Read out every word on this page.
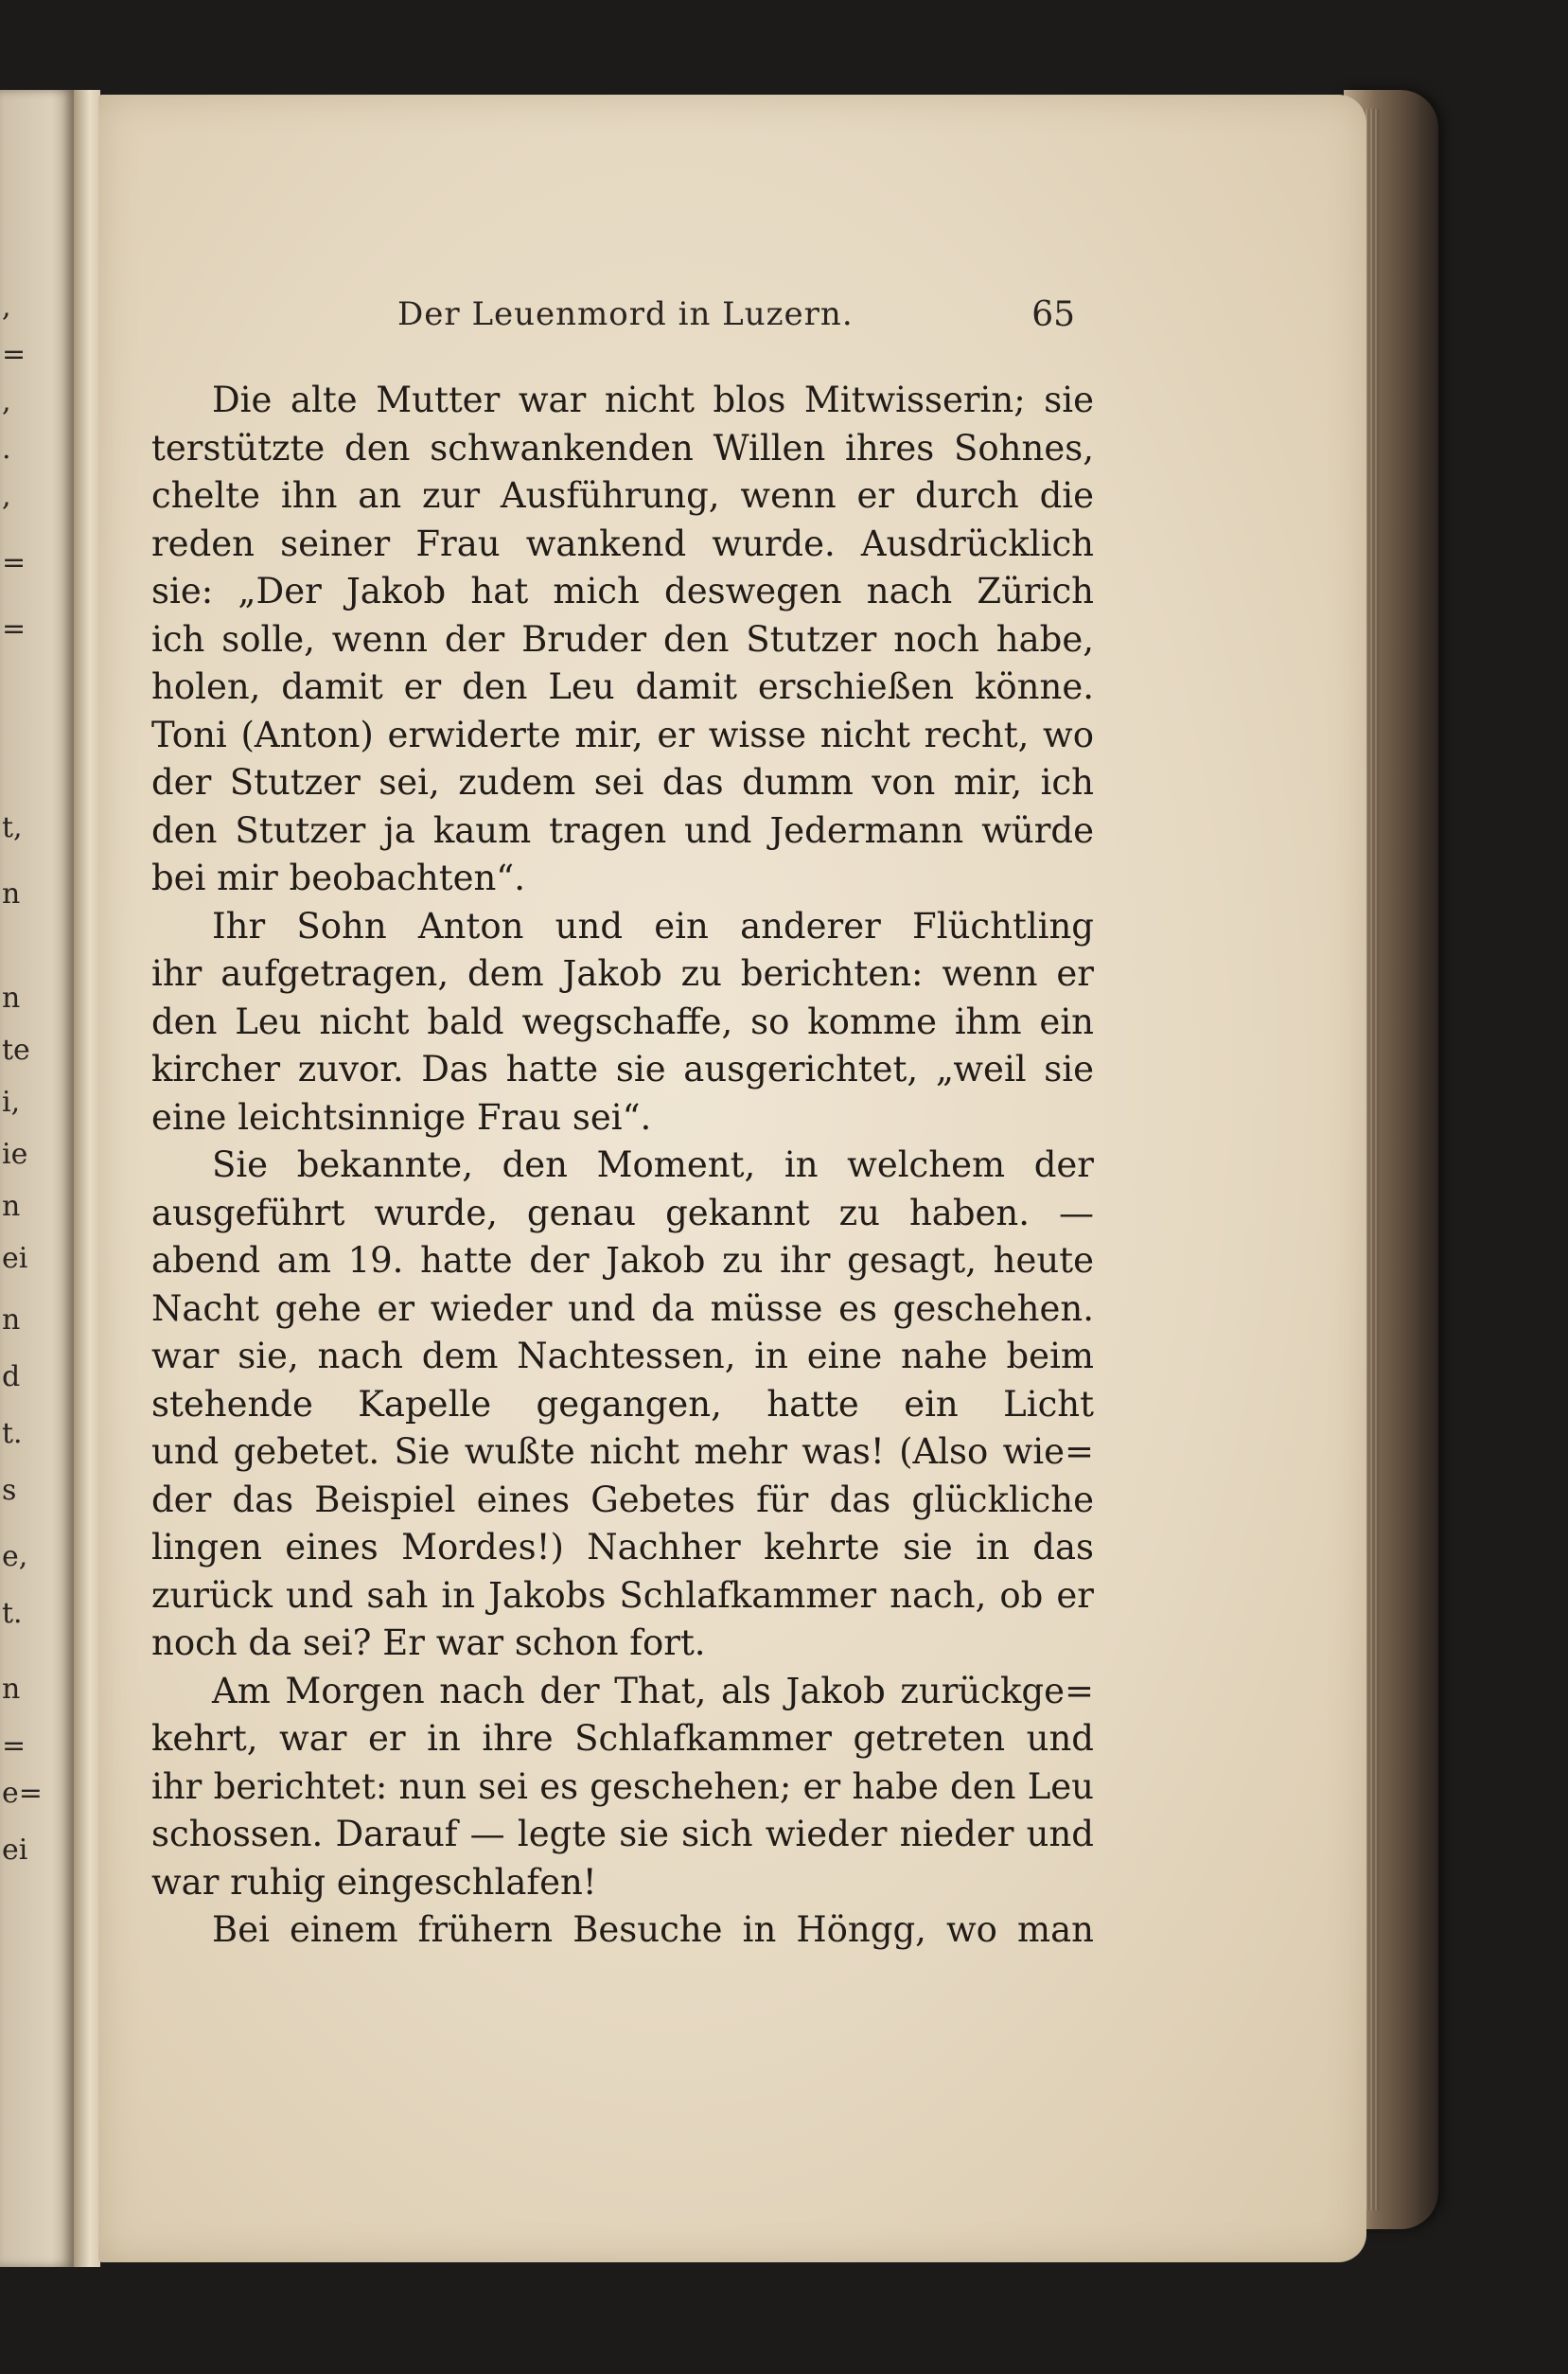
,
=
,
.
,
=
=
t,
n
n
te
i,
ie
n
ei
n
d
t.
s
e,
t.
n
=
e=
ei
Der Leuenmord in Luzern.	65
Die alte Mutter war nicht blos Mitwisserin; sie
terstützte den schwankenden Willen ihres Sohnes,
chelte ihn an zur Ausführung, wenn er durch die
reden seiner Frau wankend wurde. Ausdrücklich
sie: „Der Jakob hat mich deswegen nach Zürich
ich solle, wenn der Bruder den Stutzer noch habe,
holen, damit er den Leu damit erschießen könne.
Toni (Anton) erwiderte mir, er wisse nicht recht, wo
der Stutzer sei, zudem sei das dumm von mir, ich
den Stutzer ja kaum tragen und Jedermann würde
bei mir beobachten“.
Ihr Sohn Anton und ein anderer Flüchtling
ihr aufgetragen, dem Jakob zu berichten: wenn er
den Leu nicht bald wegschaffe, so komme ihm ein
kircher zuvor. Das hatte sie ausgerichtet, „weil sie
eine leichtsinnige Frau sei“.
Sie bekannte, den Moment, in welchem der
ausgeführt wurde, genau gekannt zu haben. —
abend am 19. hatte der Jakob zu ihr gesagt, heute
Nacht gehe er wieder und da müsse es geschehen.
war sie, nach dem Nachtessen, in eine nahe beim
stehende Kapelle gegangen, hatte ein Licht
und gebetet. Sie wußte nicht mehr was! (Also wie=
der das Beispiel eines Gebetes für das glückliche
lingen eines Mordes!) Nachher kehrte sie in das
zurück und sah in Jakobs Schlafkammer nach, ob er
noch da sei? Er war schon fort.
Am Morgen nach der That, als Jakob zurückge=
kehrt, war er in ihre Schlafkammer getreten und
ihr berichtet: nun sei es geschehen; er habe den Leu
schossen. Darauf — legte sie sich wieder nieder und
war ruhig eingeschlafen!
Bei einem frühern Besuche in Höngg, wo man
